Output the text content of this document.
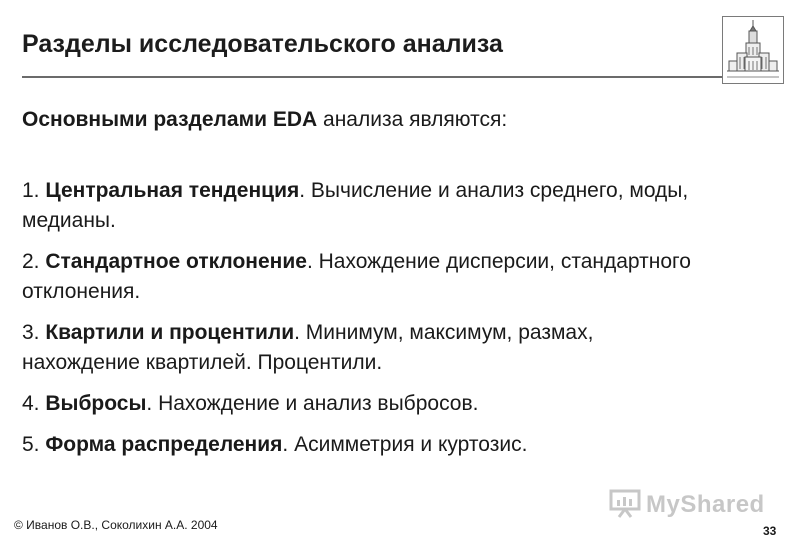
Разделы исследовательского анализа
Основными разделами EDA анализа являются:
1. Центральная тенденция. Вычисление и анализ среднего, моды, медианы.
2. Стандартное отклонение. Нахождение дисперсии, стандартного отклонения.
3. Квартили и процентили. Минимум, максимум, размах, нахождение квартилей. Процентили.
4. Выбросы. Нахождение и анализ выбросов.
5. Форма распределения. Асимметрия и куртозис.
MyShared
© Иванов О.В., Соколихин А.А. 2004	33
